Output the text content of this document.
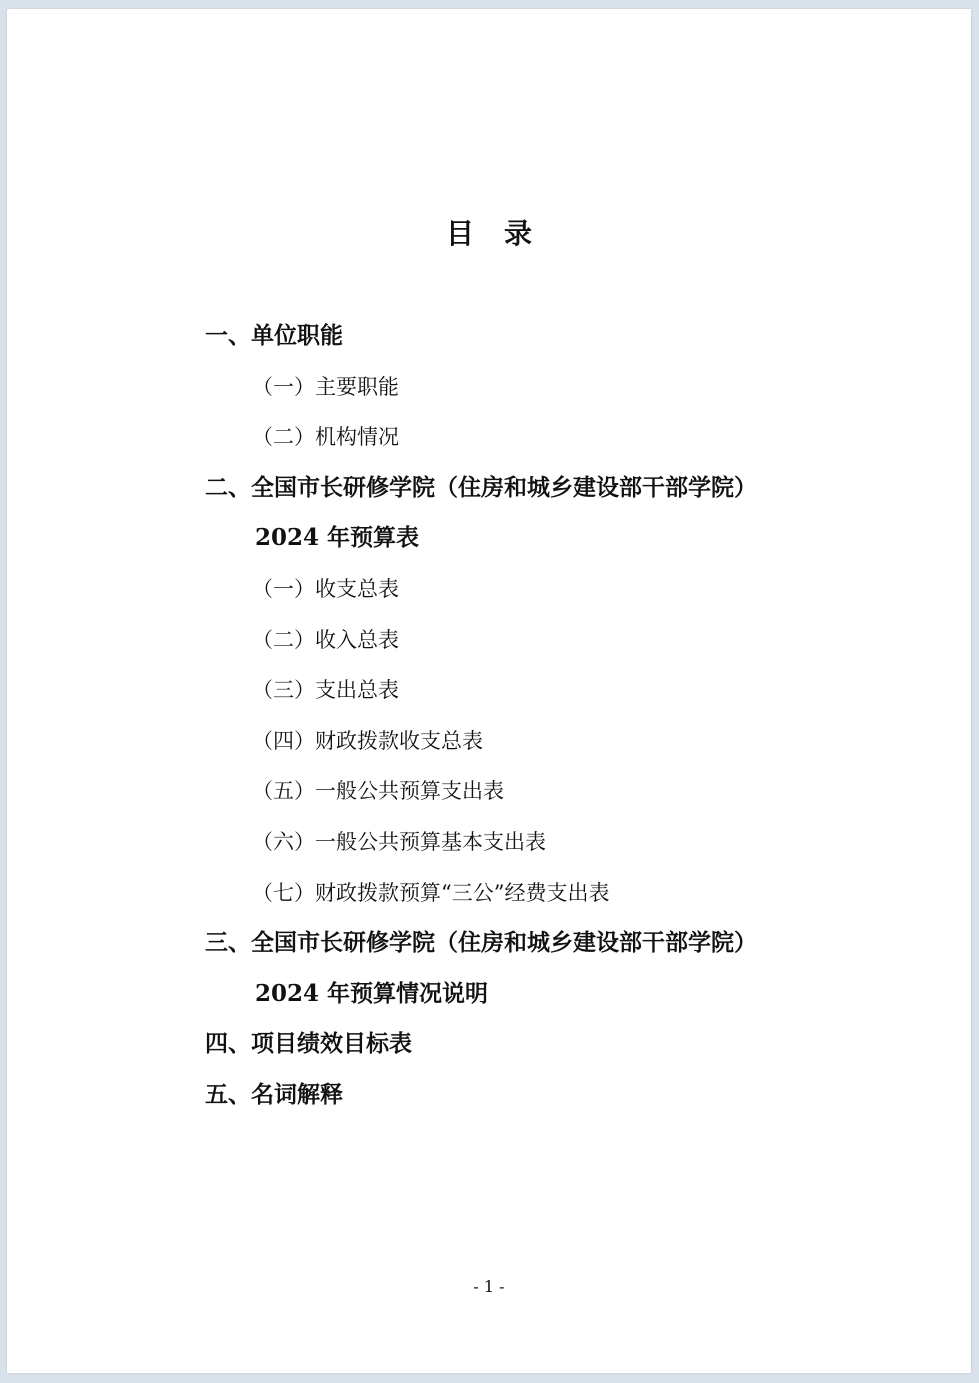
目 录
一、单位职能
（一）主要职能
（二）机构情况
二、全国市长研修学院（住房和城乡建设部干部学院）
2024 年预算表
（一）收支总表
（二）收入总表
（三）支出总表
（四）财政拨款收支总表
（五）一般公共预算支出表
（六）一般公共预算基本支出表
（七）财政拨款预算“三公”经费支出表
三、全国市长研修学院（住房和城乡建设部干部学院）
2024 年预算情况说明
四、项目绩效目标表
五、名词解释
- 1 -
